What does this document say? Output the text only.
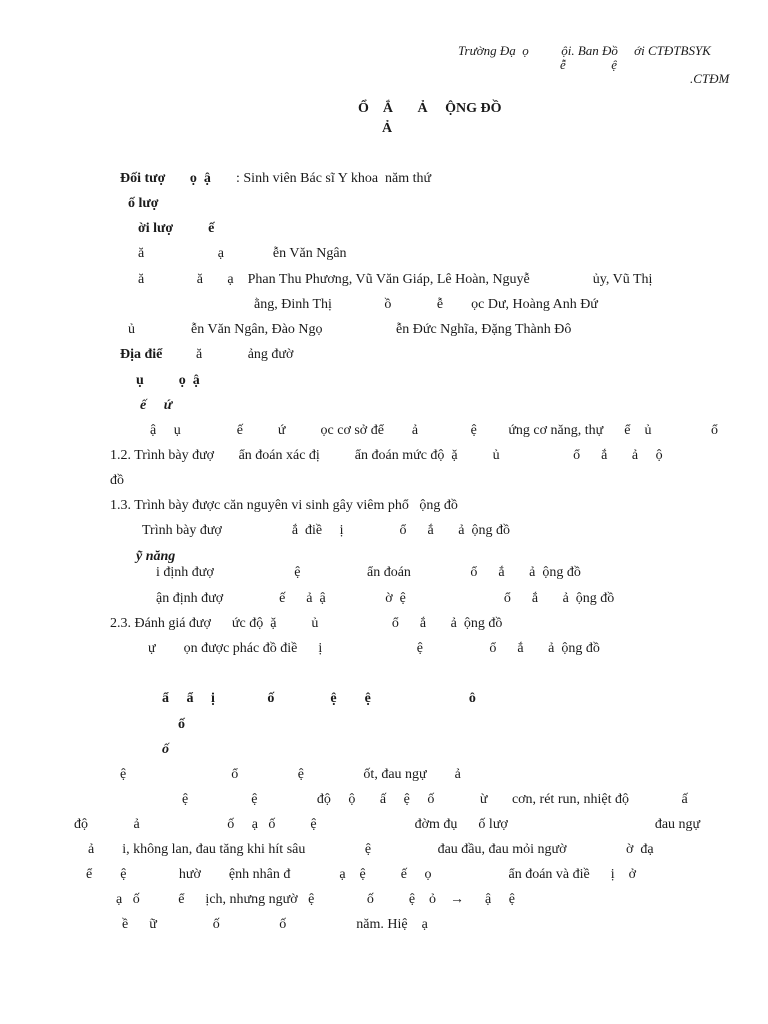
Trường Đạ  ọ          ội. Ban Đồ     ới CTĐTBSYK
ễ              ệ
.CTĐM
Ổ    Ắ       Ả     ỘNG ĐỒ
Ả
Đối tượ       ọ  ậ : Sinh viên Bác sĩ Y khoa  năm thứ
ố lượ
ời lượ          ế
ă                     ạ              ễn Văn Ngân
ă               ă       ạ    Phan Thu Phương, Vũ Văn Giáp, Lê Hoàn, Nguyễ                  ủy, Vũ Thị
ằng, Đinh Thị               ồ             ễ        ọc Dư, Hoàng Anh Đứ
ủ                ễn Văn Ngân, Đào Ngọ                     ễn Đức Nghĩa, Đặng Thành Đô
Địa điể ă             ảng đườ
ụ          ọ  ậ
ế     ứ
ậ     ụ                ế          ứ          ọc cơ sở để        ả               ệ         ứng cơ năng, thự      ể    ủ                 ổ
1.2. Trình bày đượ       ẩn đoán xác đị          ẩn đoán mức độ  ặ          ủ                     ổ      ắ       ả     ộ
đồ
1.3. Trình bày được căn nguyên vi sinh gây viêm phổ   ộng đồ
Trình bày đượ                    ắ  điề     ị                ổ      ắ       ả  ộng đồ
ỹ năng
i định đượ                       ệ                   ẩn đoán                 ổ      ắ       ả  ộng đồ
ận định đượ                ế      ả  ậ                 ờ  ệ                            ổ      ắ       ả  ộng đồ
2.3. Đánh giá đượ      ức độ  ặ          ủ                     ổ      ắ       ả  ộng đồ
ự        ọn được phác đồ điề      ị                           ệ                   ổ      ắ       ả  ộng đồ
ẩ     ẩ     ị               ố                ệ        ệ                            ô
ố
ố
ệ                              ổ                 ệ                 ốt, đau ngự        ả
ệ                  ệ                 độ     ộ       ấ     ệ     ố             ừ       cơn, rét run, nhiệt độ               ấ
độ             ả                         ố     ạ   ố          ệ                            đờm đụ      ố lượ                                          đau ngự
ả        i, không lan, đau tăng khi hít sâu                 ệ                   đau đầu, đau mỏi ngườ                 ờ  đạ
ể        ệ               hườ        ệnh nhân đ              ạ    ệ          ế     ọ                      ẩn đoán và điề      ị    ở
ạ   ố           ể      ịch, nhưng ngườ   ệ               ố          ệ    ỏ    →      ậ     ệ
ề      ữ                ố                 ố                    năm. Hiệ    ạ
